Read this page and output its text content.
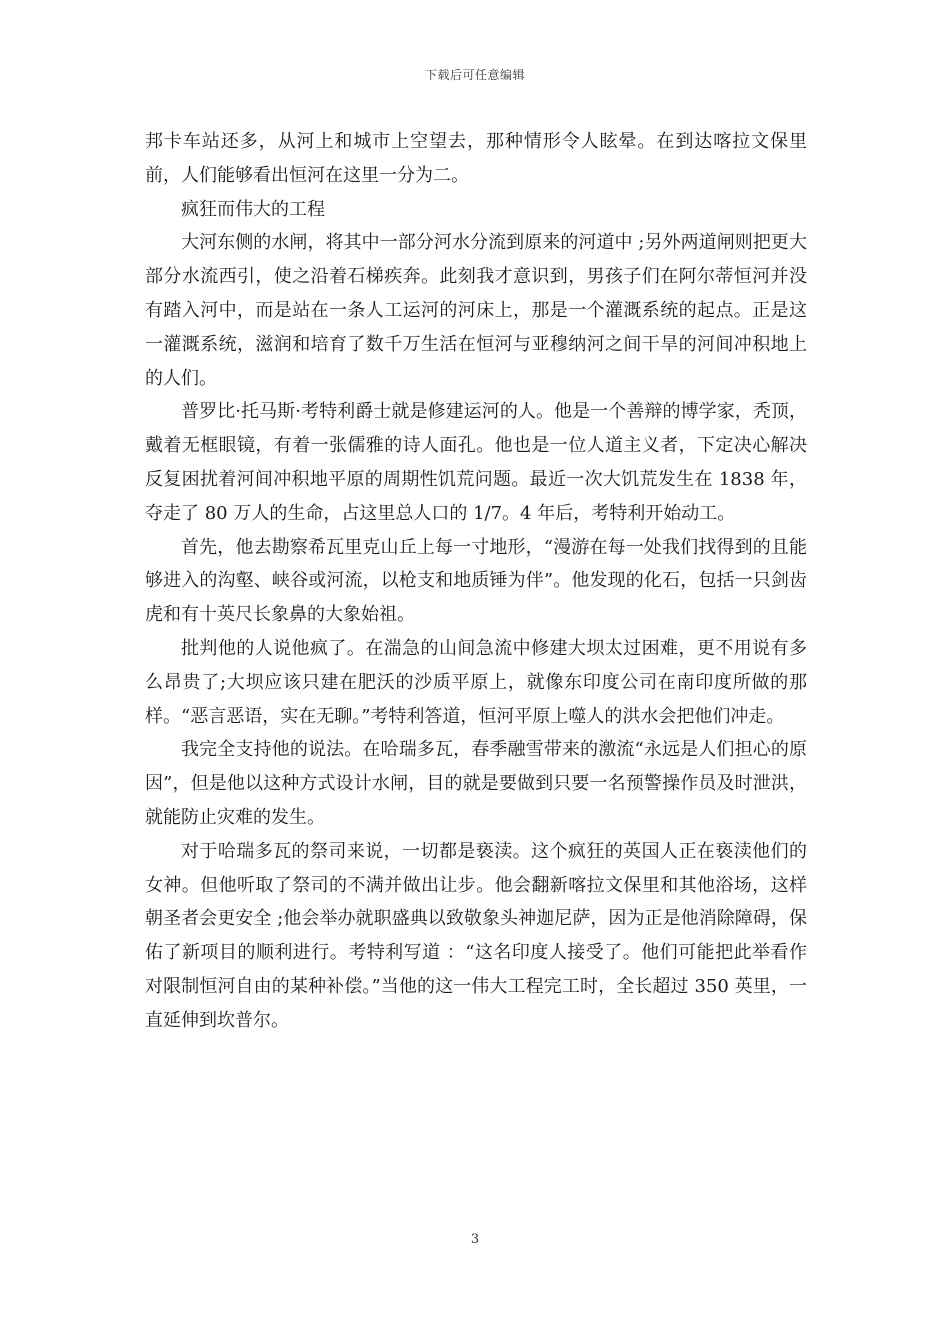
下载后可任意编辑

邦卡车站还多，从河上和城市上空望去，那种情形令人眩晕。在到达喀拉文保里前，人们能够看出恒河在这里一分为二。

疯狂而伟大的工程

大河东侧的水闸，将其中一部分河水分流到原来的河道中 ;另外两道闸则把更大部分水流西引，使之沿着石梯疾奔。此刻我才意识到，男孩子们在阿尔蒂恒河并没有踏入河中，而是站在一条人工运河的河床上，那是一个灌溉系统的起点。正是这一灌溉系统，滋润和培育了数千万生活在恒河与亚穆纳河之间干旱的河间冲积地上的人们。

普罗比·托马斯·考特利爵士就是修建运河的人。他是一个善辩的博学家，秃顶，戴着无框眼镜，有着一张儒雅的诗人面孔。他也是一位人道主义者，下定决心解决反复困扰着河间冲积地平原的周期性饥荒问题。最近一次大饥荒发生在 1838 年，夺走了 80 万人的生命，占这里总人口的 1/7。4 年后，考特利开始动工。

首先，他去勘察希瓦里克山丘上每一寸地形，“漫游在每一处我们找得到的且能够进入的沟壑、峡谷或河流，以枪支和地质锤为伴”。他发现的化石，包括一只剑齿虎和有十英尺长象鼻的大象始祖。

批判他的人说他疯了。在湍急的山间急流中修建大坝太过困难，更不用说有多么昂贵了;大坝应该只建在肥沃的沙质平原上，就像东印度公司在南印度所做的那样。“恶言恶语，实在无聊。”考特利答道，恒河平原上噬人的洪水会把他们冲走。

我完全支持他的说法。在哈瑞多瓦，春季融雪带来的激流“永远是人们担心的原因”，但是他以这种方式设计水闸，目的就是要做到只要一名预警操作员及时泄洪，就能防止灾难的发生。

对于哈瑞多瓦的祭司来说，一切都是亵渎。这个疯狂的英国人正在亵渎他们的女神。但他听取了祭司的不满并做出让步。他会翻新喀拉文保里和其他浴场，这样朝圣者会更安全 ;他会举办就职盛典以致敬象头神迦尼萨，因为正是他消除障碍，保佑了新项目的顺利进行。考特利写道 ：“这名印度人接受了。他们可能把此举看作对限制恒河自由的某种补偿。”当他的这一伟大工程完工时，全长超过 350 英里，一直延伸到坎普尔。

3
